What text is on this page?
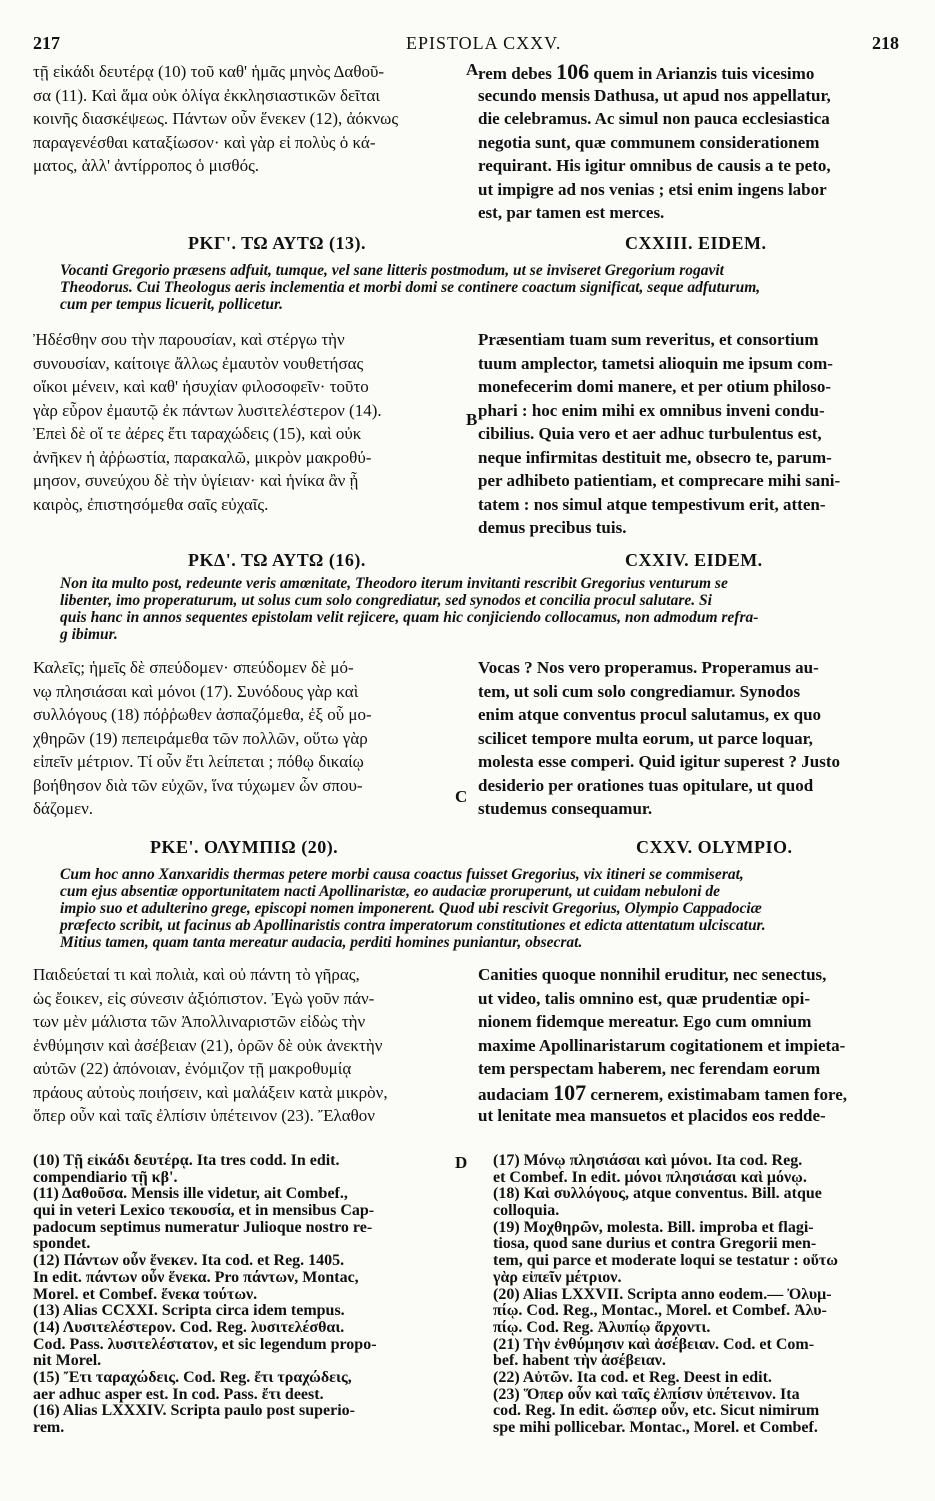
217	EPISTOLA CXXV.	218
τῇ εἰκάδι δευτέρᾳ (10) τοῦ καθ' ἡμᾶς μηνὸς Δαθοῦ-
σα (11). Καὶ ἅμα οὐκ ὀλίγα ἐκκλησιαστικῶν δεῖται
κοινῆς διασκέψεως. Πάντων οὖν ἕνεκεν (12), ἀόκνως
παραγενέσθαι καταξίωσον· καὶ γὰρ εἰ πολὺς ὁ κά-
ματος, ἀλλ' ἀντίρροπος ὁ μισθός.
rem debes 106 quem in Arianzis tuis vicesimo
secundo mensis Dathusa, ut apud nos appellatur,
die celebramus. Ac simul non pauca ecclesiastica
negotia sunt, quæ communem considerationem
requirant. His igitur omnibus de causis a te peto,
ut impigre ad nos venias ; etsi enim ingens labor
est, par tamen est merces.
A
ΡΚΓ'. ΤΩ ΑΥΤΩ (13).	CXXIII. EIDEM.
Vocanti Gregorio præsens adfuit, tumque, vel sane litteris postmodum, ut se inviseret Gregorium rogavit
Theodorus. Cui Theologus aeris inclementia et morbi domi se continere coactum significat, seque adfuturum,
cum per tempus licuerit, pollicetur.
Ἠδέσθην σου τὴν παρουσίαν, καὶ στέργω τὴν
συνουσίαν, καίτοιγε ἄλλως ἐμαυτὸν νουθετήσας
οἴκοι μένειν, καὶ καθ' ἡσυχίαν φιλοσοφεῖν· τοῦτο
γὰρ εὗρον ἐμαυτῷ ἐκ πάντων λυσιτελέστερον (14).
Ἐπεὶ δὲ οἵ τε ἀέρες ἔτι ταραχώδεις (15), καὶ οὐκ
ἀνῆκεν ἡ ἀῤῥωστία, παρακαλῶ, μικρὸν μακροθύ-
μησον, συνεύχου δὲ τὴν ὑγίειαν· καὶ ἡνίκα ἂν ᾖ
καιρὸς, ἐπιστησόμεθα σαῖς εὐχαῖς.
Præsentiam tuam sum reveritus, et consortium
tuum amplector, tametsi alioquin me ipsum com-
monefecerim domi manere, et per otium philoso-
phari : hoc enim mihi ex omnibus inveni condu-
cibilius. Quia vero et aer adhuc turbulentus est,
neque infirmitas destituit me, obsecro te, parum-
per adhibeto patientiam, et comprecare mihi sani-
tatem : nos simul atque tempestivum erit, atten-
demus precibus tuis.
B
ΡΚΔ'. ΤΩ ΑΥΤΩ (16).	CXXIV. EIDEM.
Non ita multo post, redeunte veris amœnitate, Theodoro iterum invitanti rescribit Gregorius venturum se
libenter, imo properaturum, ut solus cum solo congrediatur, sed synodos et concilia procul salutare. Si
quis hanc in annos sequentes epistolam velit rejicere, quam hic conjiciendo collocamus, non admodum refra-
g ibimur.
Καλεῖς; ἡμεῖς δὲ σπεύδομεν· σπεύδομεν δὲ μό-
νῳ πλησιάσαι καὶ μόνοι (17). Συνόδους γὰρ καὶ
συλλόγους (18) πόῤῥωθεν ἀσπαζόμεθα, ἐξ οὗ μο-
χθηρῶν (19) πεπειράμεθα τῶν πολλῶν, οὕτω γὰρ
εἰπεῖν μέτριον. Τί οὖν ἔτι λείπεται ; πόθῳ δικαίῳ
βοήθησον διὰ τῶν εὐχῶν, ἵνα τύχωμεν ὧν σπου-
δάζομεν.
Vocas ? Nos vero properamus. Properamus au-
tem, ut soli cum solo congrediamur. Synodos
enim atque conventus procul salutamus, ex quo
scilicet tempore multa eorum, ut parce loquar,
molesta esse comperi. Quid igitur superest ? Justo
desiderio per orationes tuas opitulare, ut quod
studemus consequamur.
C
ΡΚΕ'. ΟΛΥΜΠΙΩ (20).	CXXV. OLYMPIO.
Cum hoc anno Xanxaridis thermas petere morbi causa coactus fuisset Gregorius, vix itineri se commiserat,
cum ejus absentiæ opportunitatem nacti Apollinaristæ, eo audaciæ proruperunt, ut cuidam nebuloni de
impio suo et adulterino grege, episcopi nomen imponerent. Quod ubi rescivit Gregorius, Olympio Cappadociæ
præfecto scribit, ut facinus ab Apollinaristis contra imperatorum constitutiones et edicta attentatum ulciscatur.
Mitius tamen, quam tanta mereatur audacia, perditi homines puniantur, obsecrat.
Παιδεύεταί τι καὶ πολιὰ, καὶ οὐ πάντη τὸ γῆρας,
ὡς ἔοικεν, εἰς σύνεσιν ἀξιόπιστον. Ἐγὼ γοῦν πάν-
των μὲν μάλιστα τῶν Ἀπολλιναριστῶν εἰδὼς τὴν
ἐνθύμησιν καὶ ἀσέβειαν (21), ὁρῶν δὲ οὐκ ἀνεκτὴν
αὐτῶν (22) ἀπόνοιαν, ἐνόμιζον τῇ μακροθυμίᾳ
πράους αὐτοὺς ποιήσειν, καὶ μαλάξειν κατὰ μικρὸν,
ὅπερ οὖν καὶ ταῖς ἐλπίσιν ὑπέτεινον (23). Ἔλαθον
Canities quoque nonnihil eruditur, nec senectus,
ut video, talis omnino est, quæ prudentiæ opi-
nionem fidemque mereatur. Ego cum omnium
maxime Apollinaristarum cogitationem et impieta-
tem perspectam haberem, nec ferendam eorum
audaciam 107 cernerem, existimabam tamen fore,
ut lenitate mea mansuetos et placidos eos redde-
(10) Τῇ εἰκάδι δευτέρᾳ. Ita tres codd. In edit.
compendiario τῇ κβ'.
(11) Δαθοῦσα. Mensis ille videtur, ait Combef.,
qui in veteri Lexico τεκουσία, et in mensibus Cap-
padocum septimus numeratur Julioque nostro re-
spondet.
(12) Πάντων οὖν ἕνεκεν. Ita cod. et Reg. 1405.
In edit. πάντων οὖν ἕνεκα. Pro πάντων, Montac,
Morel. et Combef. ἕνεκα τούτων.
(13) Alias CCXXI. Scripta circa idem tempus.
(14) Λυσιτελέστερον. Cod. Reg. λυσιτελέσθαι.
Cod. Pass. λυσιτελέστατον, et sic legendum propo-
nit Morel.
(15) Ἔτι ταραχώδεις. Cod. Reg. ἔτι τραχώδεις,
aer adhuc asper est. In cod. Pass. ἔτι deest.
(16) Alias LXXXIV. Scripta paulo post superio-
rem.
(17) Μόνῳ πλησιάσαι καὶ μόνοι. Ita cod. Reg.
et Combef. In edit. μόνοι πλησιάσαι καὶ μόνῳ.
(18) Καὶ συλλόγους, atque conventus. Bill. atque
colloquia.
(19) Μοχθηρῶν, molesta. Bill. improba et flagi-
tiosa, quod sane durius et contra Gregorii men-
tem, qui parce et moderate loqui se testatur : οὕτω
γὰρ εἰπεῖν μέτριον.
(20) Alias LXXVII. Scripta anno eodem.— Ὀλυμ-
πίῳ. Cod. Reg., Montac., Morel. et Combef. Ἀλυ-
πίῳ. Cod. Reg. Ἀλυπίῳ ἄρχοντι.
(21) Τὴν ἐνθύμησιν καὶ ἀσέβειαν. Cod. et Com-
bef. habent τὴν ἀσέβειαν.
(22) Αὐτῶν. Ita cod. et Reg. Deest in edit.
(23) Ὅπερ οὖν καὶ ταῖς ἐλπίσιν ὑπέτεινον. Ita
cod. Reg. In edit. ὥσπερ οὖν, etc. Sicut nimirum
spe mihi pollicebar. Montac., Morel. et Combef.
D
